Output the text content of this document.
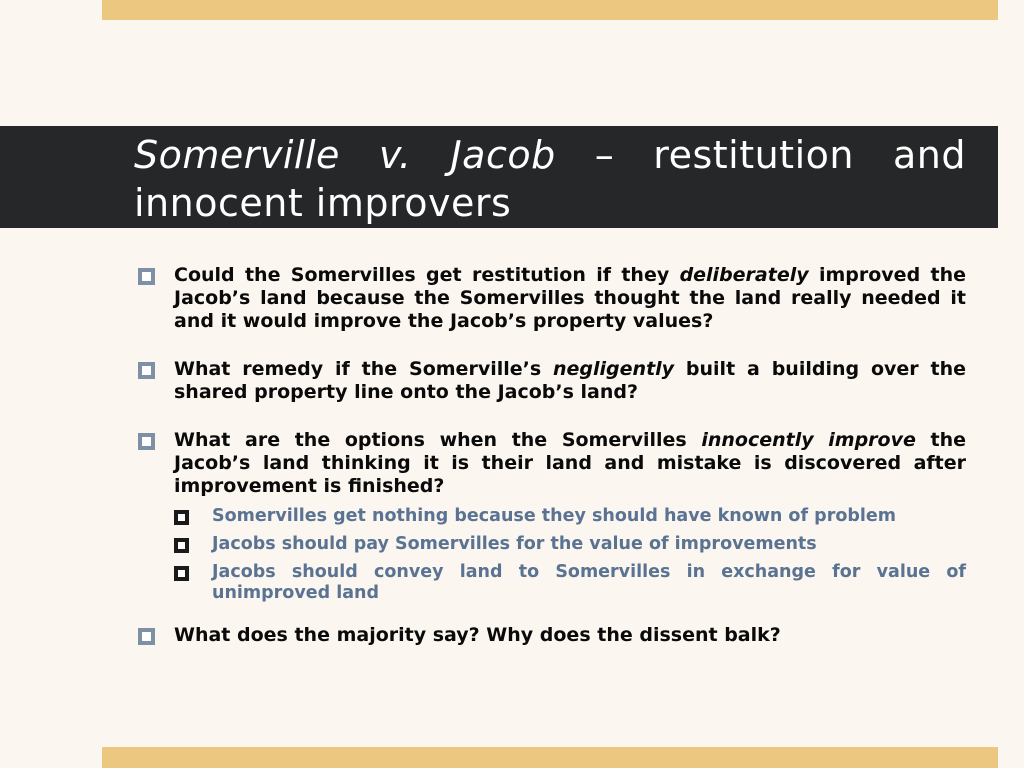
Somerville v. Jacob – restitution and innocent improvers
Could the Somervilles get restitution if they deliberately improved the Jacob’s land because the Somervilles thought the land really needed it and it would improve the Jacob’s property values?
What remedy if the Somerville’s negligently built a building over the shared property line onto the Jacob’s land?
What are the options when the Somervilles innocently improve the Jacob’s land thinking it is their land and mistake is discovered after improvement is finished?
Somervilles get nothing because they should have known of problem
Jacobs should pay Somervilles for the value of improvements
Jacobs should convey land to Somervilles in exchange for value of unimproved land
What does the majority say? Why does the dissent balk?
